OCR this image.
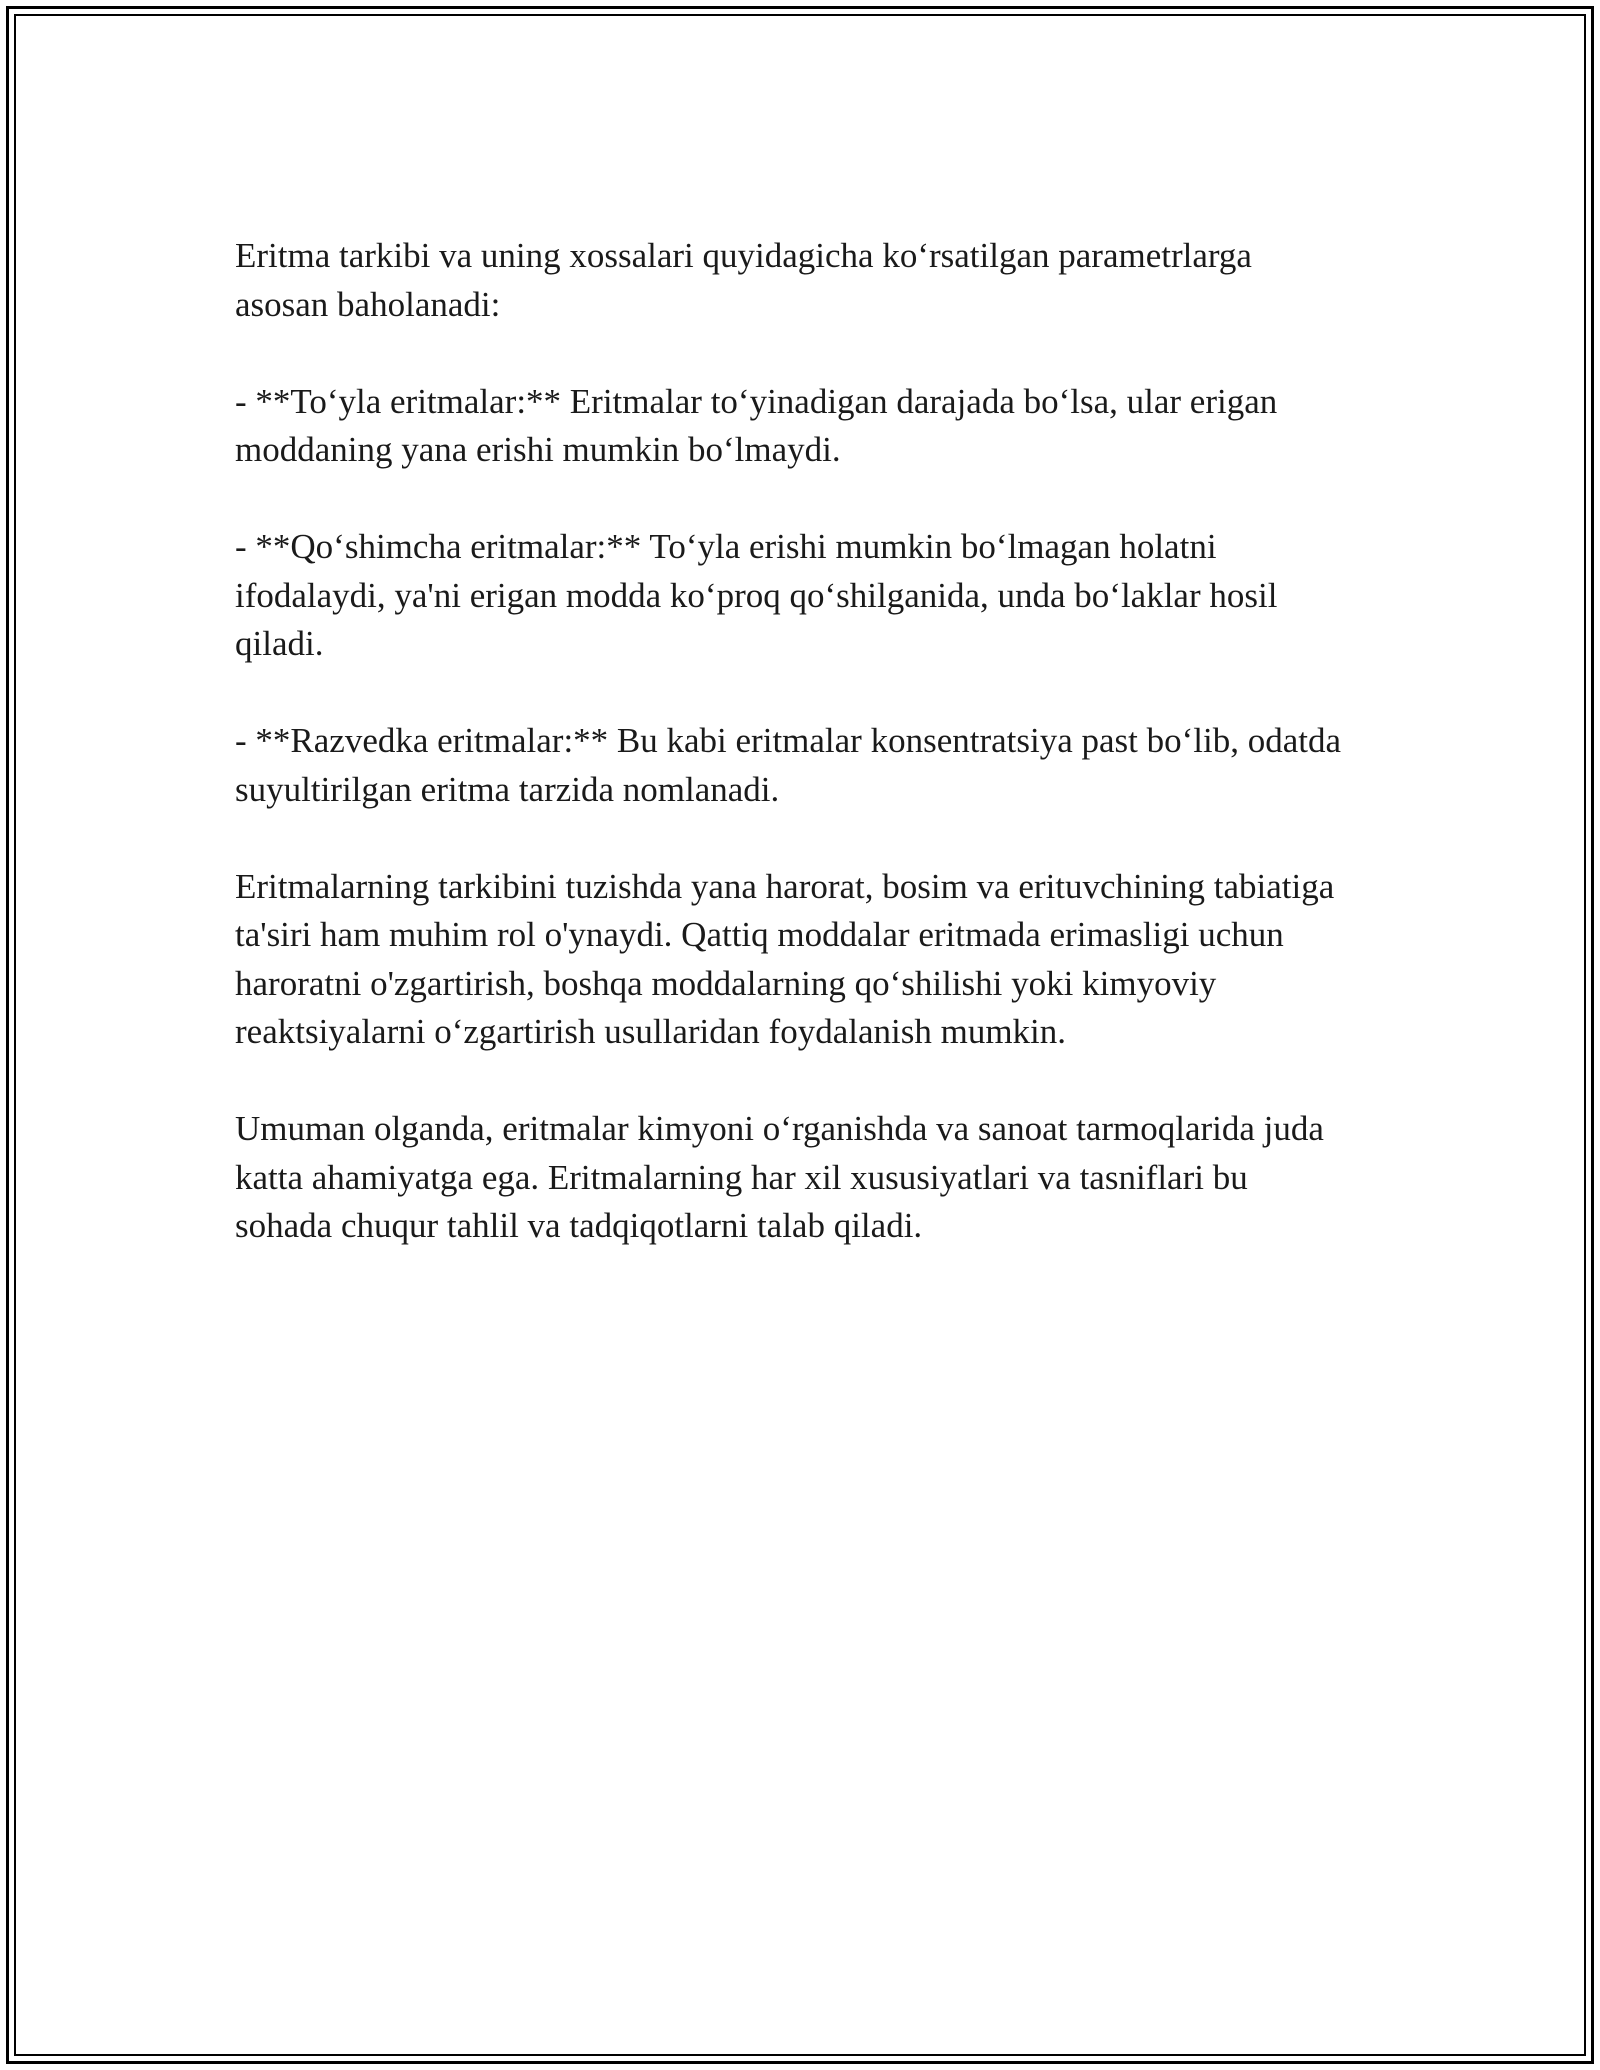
Eritma tarkibi va uning xossalari quyidagicha ko‘rsatilgan parametrlarga asosan baholanadi:

- **To‘yla eritmalar:** Eritmalar to‘yinadigan darajada bo‘lsa, ular erigan moddaning yana erishi mumkin bo‘lmaydi.

- **Qo‘shimcha eritmalar:** To‘yla erishi mumkin bo‘lmagan holatni ifodalaydi, ya'ni erigan modda ko‘proq qo‘shilganida, unda bo‘laklar hosil qiladi.

- **Razvedka eritmalar:** Bu kabi eritmalar konsentratsiya past bo‘lib, odatda suyultirilgan eritma tarzida nomlanadi.

Eritmalarning tarkibini tuzishda yana harorat, bosim va erituvchining tabiatiga ta'siri ham muhim rol o'ynaydi. Qattiq moddalar eritmada erimasligi uchun haroratni o'zgartirish, boshqa moddalarning qo‘shilishi yoki kimyoviy reaktsiyalarni o‘zgartirish usullaridan foydalanish mumkin.

Umuman olganda, eritmalar kimyoni o‘rganishda va sanoat tarmoqlarida juda katta ahamiyatga ega. Eritmalarning har xil xususiyatlari va tasniflari bu sohada chuqur tahlil va tadqiqotlarni talab qiladi.
